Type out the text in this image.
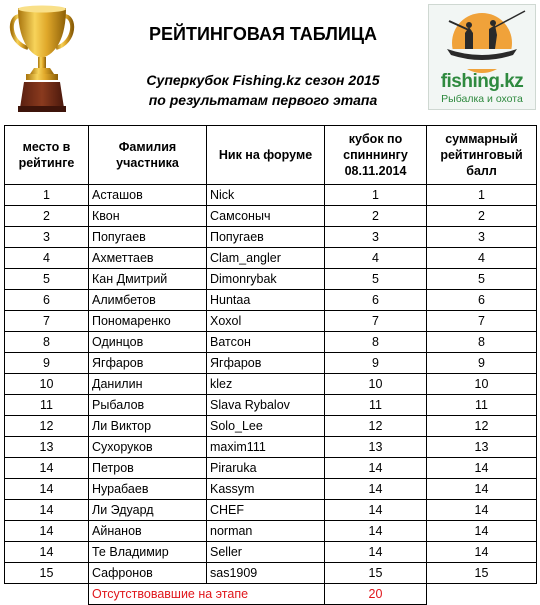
fishing.kz
Рыбалка и охота
РЕЙТИНГОВАЯ ТАБЛИЦА
Суперкубок Fishing.kz сезон 2015
по результатам первого этапа
место в рейтинге	Фамилия участника	Ник на форуме	кубок по спиннингу 08.11.2014	суммарный рейтинговый балл
1	Асташов	Nick	1	1
2	Квон	Самсоныч	2	2
3	Попугаев	Попугаев	3	3
4	Ахметтаев	Clam_angler	4	4
5	Кан Дмитрий	Dimonrybak	5	5
6	Алимбетов	Huntaa	6	6
7	Пономаренко	Xoxol	7	7
8	Одинцов	Ватсон	8	8
9	Ягфаров	Ягфаров	9	9
10	Данилин	klez	10	10
11	Рыбалов	Slava Rybalov	11	11
12	Ли Виктор	Solo_Lee	12	12
13	Сухоруков	maxim111	13	13
14	Петров	Piraruka	14	14
14	Нурабаев	Kassym	14	14
14	Ли Эдуард	CHEF	14	14
14	Айнанов	norman	14	14
14	Те Владимир	Seller	14	14
15	Сафронов	sas1909	15	15
	Отсутствовавшие на этапе		20	
